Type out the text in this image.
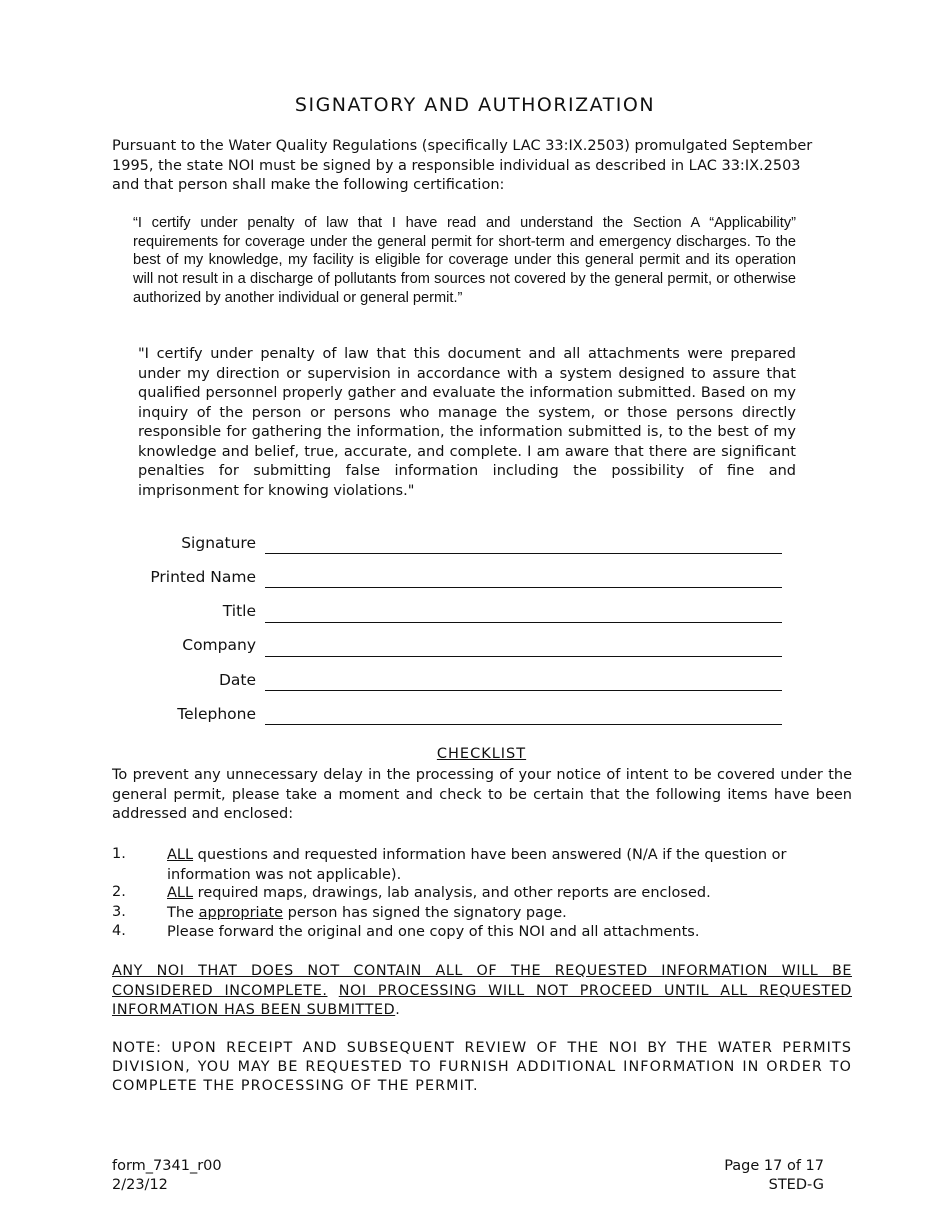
SIGNATORY AND AUTHORIZATION
Pursuant to the Water Quality Regulations (specifically LAC 33:IX.2503) promulgated September 1995, the state NOI must be signed by a responsible individual as described in LAC 33:IX.2503 and that person shall make the following certification:
“I certify under penalty of law that I have read and understand the Section A “Applicability” requirements for coverage under the general permit for short-term and emergency discharges. To the best of my knowledge, my facility is eligible for coverage under this general permit and its operation will not result in a discharge of pollutants from sources not covered by the general permit, or otherwise authorized by another individual or general permit.”
"I certify under penalty of law that this document and all attachments were prepared under my direction or supervision in accordance with a system designed to assure that qualified personnel properly gather and evaluate the information submitted. Based on my inquiry of the person or persons who manage the system, or those persons directly responsible for gathering the information, the information submitted is, to the best of my knowledge and belief, true, accurate, and complete. I am aware that there are significant penalties for submitting false information including the possibility of fine and imprisonment for knowing violations."
Signature
Printed Name
Title
Company
Date
Telephone
CHECKLIST
To prevent any unnecessary delay in the processing of your notice of intent to be covered under the general permit, please take a moment and check to be certain that the following items have been addressed and enclosed:
1.	ALL questions and requested information have been answered (N/A if the question or information was not applicable).
2.	ALL required maps, drawings, lab analysis, and other reports are enclosed.
3.	The appropriate person has signed the signatory page.
4.	Please forward the original and one copy of this NOI and all attachments.
ANY NOI THAT DOES NOT CONTAIN ALL OF THE REQUESTED INFORMATION WILL BE CONSIDERED INCOMPLETE. NOI PROCESSING WILL NOT PROCEED UNTIL ALL REQUESTED INFORMATION HAS BEEN SUBMITTED.
NOTE: UPON RECEIPT AND SUBSEQUENT REVIEW OF THE NOI BY THE WATER PERMITS DIVISION, YOU MAY BE REQUESTED TO FURNISH ADDITIONAL INFORMATION IN ORDER TO COMPLETE THE PROCESSING OF THE PERMIT.
form_7341_r00
2/23/12
Page 17 of 17
STED-G
